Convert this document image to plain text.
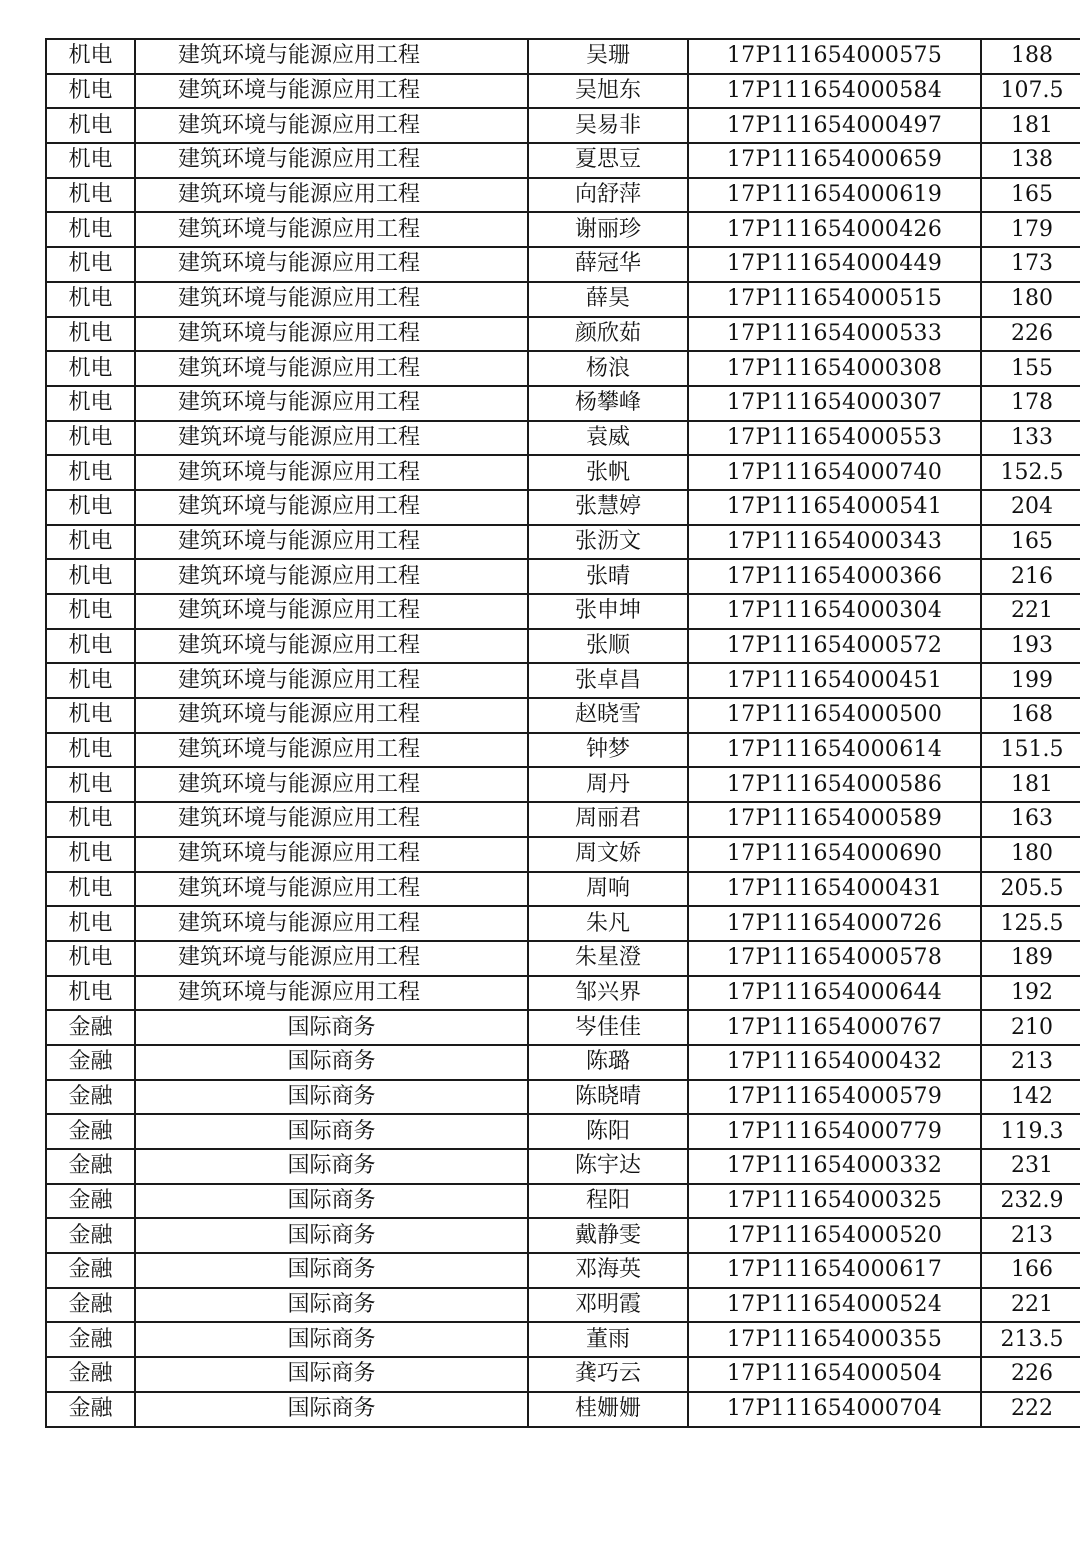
机电	建筑环境与能源应用工程	吴珊	17P111654000575	188
机电	建筑环境与能源应用工程	吴旭东	17P111654000584	107.5
机电	建筑环境与能源应用工程	吴易非	17P111654000497	181
机电	建筑环境与能源应用工程	夏思豆	17P111654000659	138
机电	建筑环境与能源应用工程	向舒萍	17P111654000619	165
机电	建筑环境与能源应用工程	谢丽珍	17P111654000426	179
机电	建筑环境与能源应用工程	薛冠华	17P111654000449	173
机电	建筑环境与能源应用工程	薛昊	17P111654000515	180
机电	建筑环境与能源应用工程	颜欣茹	17P111654000533	226
机电	建筑环境与能源应用工程	杨浪	17P111654000308	155
机电	建筑环境与能源应用工程	杨攀峰	17P111654000307	178
机电	建筑环境与能源应用工程	袁威	17P111654000553	133
机电	建筑环境与能源应用工程	张帆	17P111654000740	152.5
机电	建筑环境与能源应用工程	张慧婷	17P111654000541	204
机电	建筑环境与能源应用工程	张沥文	17P111654000343	165
机电	建筑环境与能源应用工程	张晴	17P111654000366	216
机电	建筑环境与能源应用工程	张申坤	17P111654000304	221
机电	建筑环境与能源应用工程	张顺	17P111654000572	193
机电	建筑环境与能源应用工程	张卓昌	17P111654000451	199
机电	建筑环境与能源应用工程	赵晓雪	17P111654000500	168
机电	建筑环境与能源应用工程	钟梦	17P111654000614	151.5
机电	建筑环境与能源应用工程	周丹	17P111654000586	181
机电	建筑环境与能源应用工程	周丽君	17P111654000589	163
机电	建筑环境与能源应用工程	周文娇	17P111654000690	180
机电	建筑环境与能源应用工程	周响	17P111654000431	205.5
机电	建筑环境与能源应用工程	朱凡	17P111654000726	125.5
机电	建筑环境与能源应用工程	朱星澄	17P111654000578	189
机电	建筑环境与能源应用工程	邹兴界	17P111654000644	192
金融	国际商务	岑佳佳	17P111654000767	210
金融	国际商务	陈璐	17P111654000432	213
金融	国际商务	陈晓晴	17P111654000579	142
金融	国际商务	陈阳	17P111654000779	119.3
金融	国际商务	陈宇达	17P111654000332	231
金融	国际商务	程阳	17P111654000325	232.9
金融	国际商务	戴静雯	17P111654000520	213
金融	国际商务	邓海英	17P111654000617	166
金融	国际商务	邓明霞	17P111654000524	221
金融	国际商务	董雨	17P111654000355	213.5
金融	国际商务	龚巧云	17P111654000504	226
金融	国际商务	桂姗姗	17P111654000704	222
